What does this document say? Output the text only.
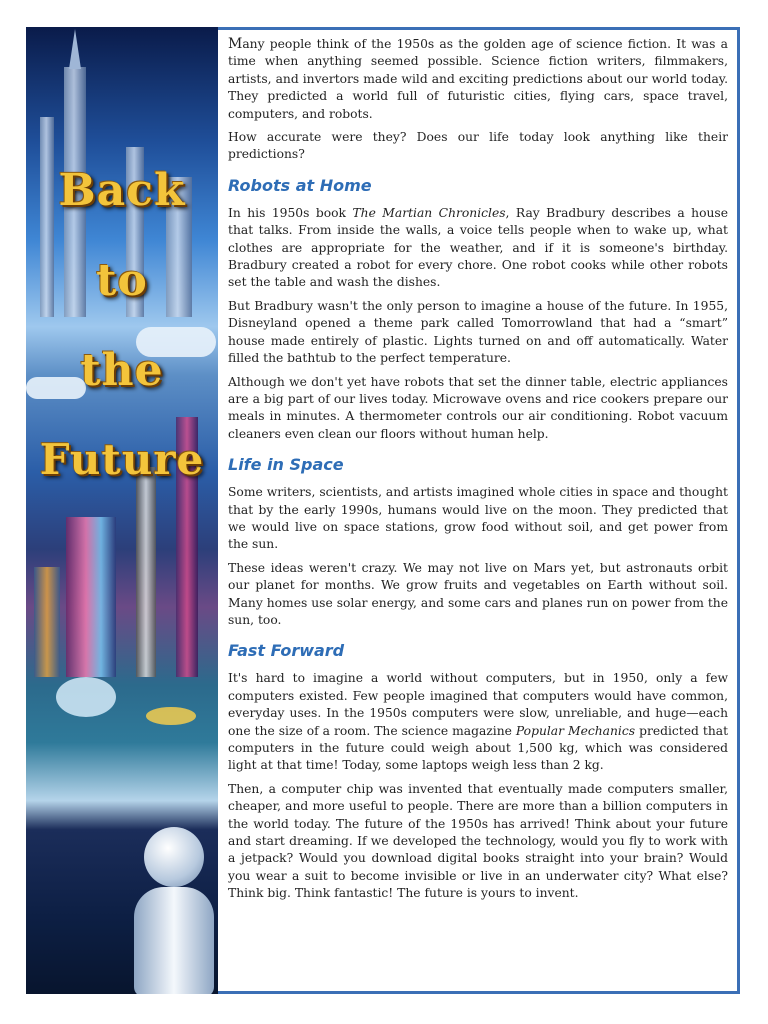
Back
to
the
Future

Many people think of the 1950s as the golden age of science fiction. It was a time when anything seemed possible. Science fiction writers, filmmakers, artists, and invertors made wild and exciting predictions about our world today. They predicted a world full of futuristic cities, flying cars, space travel, computers, and robots.

How accurate were they? Does our life today look anything like their predictions?

Robots at Home

In his 1950s book The Martian Chronicles, Ray Bradbury describes a house that talks. From inside the walls, a voice tells people when to wake up, what clothes are appropriate for the weather, and if it is someone's birthday. Bradbury created a robot for every chore. One robot cooks while other robots set the table and wash the dishes.

But Bradbury wasn't the only person to imagine a house of the future. In 1955, Disneyland opened a theme park called Tomorrowland that had a “smart” house made entirely of plastic. Lights turned on and off automatically. Water filled the bathtub to the perfect temperature.

Although we don't yet have robots that set the dinner table, electric appliances are a big part of our lives today. Microwave ovens and rice cookers prepare our meals in minutes. A thermometer controls our air conditioning. Robot vacuum cleaners even clean our floors without human help.

Life in Space

Some writers, scientists, and artists imagined whole cities in space and thought that by the early 1990s, humans would live on the moon. They predicted that we would live on space stations, grow food without soil, and get power from the sun.

These ideas weren't crazy. We may not live on Mars yet, but astronauts orbit our planet for months. We grow fruits and vegetables on Earth without soil. Many homes use solar energy, and some cars and planes run on power from the sun, too.

Fast Forward

It's hard to imagine a world without computers, but in 1950, only a few computers existed. Few people imagined that computers would have common, everyday uses. In the 1950s computers were slow, unreliable, and huge—each one the size of a room. The science magazine Popular Mechanics predicted that computers in the future could weigh about 1,500 kg, which was considered light at that time! Today, some laptops weigh less than 2 kg.

Then, a computer chip was invented that eventually made computers smaller, cheaper, and more useful to people. There are more than a billion computers in the world today. The future of the 1950s has arrived! Think about your future and start dreaming. If we developed the technology, would you fly to work with a jetpack? Would you download digital books straight into your brain? Would you wear a suit to become invisible or live in an underwater city? What else? Think big. Think fantastic! The future is yours to invent.
